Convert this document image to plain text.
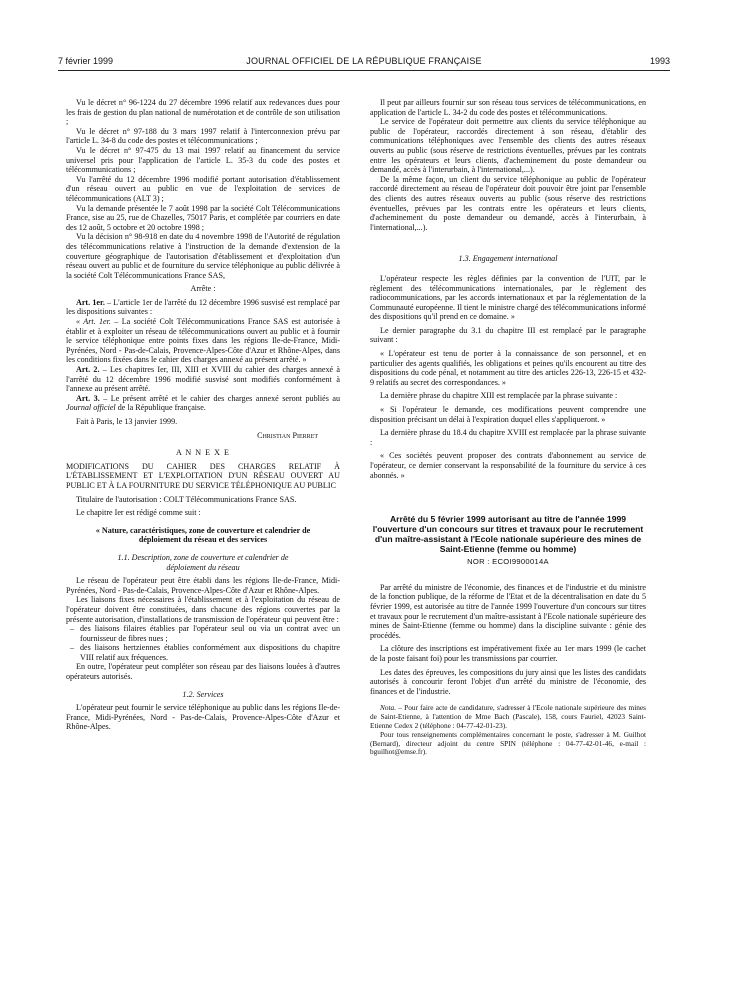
7 février 1999	JOURNAL OFFICIEL DE LA RÉPUBLIQUE FRANÇAISE	1993

Vu le décret n° 96-1224 du 27 décembre 1996 relatif aux redevances dues pour les frais de gestion du plan national de numérotation et de contrôle de son utilisation ;

Vu le décret n° 97-188 du 3 mars 1997 relatif à l'interconnexion prévu par l'article L. 34-8 du code des postes et télécommunications ;

Vu le décret n° 97-475 du 13 mai 1997 relatif au financement du service universel pris pour l'application de l'article L. 35-3 du code des postes et télécommunications ;

Vu l'arrêté du 12 décembre 1996 modifié portant autorisation d'établissement d'un réseau ouvert au public en vue de l'exploitation de services de télécommunications (ALT 3) ;

Vu la demande présentée le 7 août 1998 par la société Colt Télécommunications France, sise au 25, rue de Chazelles, 75017 Paris, et complétée par courriers en date des 12 août, 5 octobre et 20 octobre 1998 ;

Vu la décision n° 98-918 en date du 4 novembre 1998 de l'Autorité de régulation des télécommunications relative à l'instruction de la demande d'extension de la couverture géographique de l'autorisation d'établissement et d'exploitation d'un réseau ouvert au public et de fourniture du service téléphonique au public délivrée à la société Colt Télécommunications France SAS,

Arrête :

Art. 1er. – L'article 1er de l'arrêté du 12 décembre 1996 susvisé est remplacé par les dispositions suivantes :

« Art. 1er. – La société Colt Télécommunications France SAS est autorisée à établir et à exploiter un réseau de télécommunications ouvert au public et à fournir le service téléphonique entre points fixes dans les régions Ile-de-France, Midi-Pyrénées, Nord - Pas-de-Calais, Provence-Alpes-Côte d'Azur et Rhône-Alpes, dans les conditions fixées dans le cahier des charges annexé au présent arrêté. »

Art. 2. – Les chapitres Ier, III, XIII et XVIII du cahier des charges annexé à l'arrêté du 12 décembre 1996 modifié susvisé sont modifiés conformément à l'annexe au présent arrêté.

Art. 3. – Le présent arrêté et le cahier des charges annexé seront publiés au Journal officiel de la République française.

Fait à Paris, le 13 janvier 1999.

Christian Pierret

A N N E X E

MODIFICATIONS DU CAHIER DES CHARGES RELATIF À L'ÉTABLISSEMENT ET L'EXPLOITATION D'UN RÉSEAU OUVERT AU PUBLIC ET À LA FOURNITURE DU SERVICE TÉLÉPHONIQUE AU PUBLIC

Titulaire de l'autorisation : COLT Télécommunications France SAS.

Le chapitre Ier est rédigé comme suit :

« Nature, caractéristiques, zone de couverture et calendrier de déploiement du réseau et des services

1.1. Description, zone de couverture et calendrier de déploiement du réseau

Le réseau de l'opérateur peut être établi dans les régions Ile-de-France, Midi-Pyrénées, Nord - Pas-de-Calais, Provence-Alpes-Côte d'Azur et Rhône-Alpes.

Les liaisons fixes nécessaires à l'établissement et à l'exploitation du réseau de l'opérateur doivent être constituées, dans chacune des régions couvertes par la présente autorisation, d'installations de transmission de l'opérateur qui peuvent être :

– des liaisons filaires établies par l'opérateur seul ou via un contrat avec un fournisseur de fibres nues ;

– des liaisons hertziennes établies conformément aux dispositions du chapitre VIII relatif aux fréquences.

En outre, l'opérateur peut compléter son réseau par des liaisons louées à d'autres opérateurs autorisés.

1.2. Services

L'opérateur peut fournir le service téléphonique au public dans les régions Ile-de-France, Midi-Pyrénées, Nord - Pas-de-Calais, Provence-Alpes-Côte d'Azur et Rhône-Alpes.

Il peut par ailleurs fournir sur son réseau tous services de télécommunications, en application de l'article L. 34-2 du code des postes et télécommunications.

Le service de l'opérateur doit permettre aux clients du service téléphonique au public de l'opérateur, raccordés directement à son réseau, d'établir des communications téléphoniques avec l'ensemble des clients des autres réseaux ouverts au public (sous réserve de restrictions éventuelles, prévues par les contrats entre les opérateurs et leurs clients, d'acheminement du poste demandeur ou demandé, accès à l'interurbain, à l'international,...).

De la même façon, un client du service téléphonique au public de l'opérateur raccordé directement au réseau de l'opérateur doit pouvoir être joint par l'ensemble des clients des autres réseaux ouverts au public (sous réserve des restrictions éventuelles, prévues par les contrats entre les opérateurs et leurs clients, d'acheminement du poste demandeur ou demandé, accès à l'interurbain, à l'international,...).

1.3. Engagement international

L'opérateur respecte les règles définies par la convention de l'UIT, par le règlement des télécommunications internationales, par le règlement des radiocommunications, par les accords internationaux et par la réglementation de la Communauté européenne. Il tient le ministre chargé des télécommunications informé des dispositions qu'il prend en ce domaine. »

Le dernier paragraphe du 3.1 du chapitre III est remplacé par le paragraphe suivant :

« L'opérateur est tenu de porter à la connaissance de son personnel, et en particulier des agents qualifiés, les obligations et peines qu'ils encourent au titre des dispositions du code pénal, et notamment au titre des articles 226-13, 226-15 et 432-9 relatifs au secret des correspondances. »

La dernière phrase du chapitre XIII est remplacée par la phrase suivante :

« Si l'opérateur le demande, ces modifications peuvent comprendre une disposition précisant un délai à l'expiration duquel elles s'appliqueront. »

La dernière phrase du 18.4 du chapitre XVIII est remplacée par la phrase suivante :

« Ces sociétés peuvent proposer des contrats d'abonnement au service de l'opérateur, ce dernier conservant la responsabilité de la fourniture du service à ces abonnés. »

Arrêté du 5 février 1999 autorisant au titre de l'année 1999 l'ouverture d'un concours sur titres et travaux pour le recrutement d'un maître-assistant à l'Ecole nationale supérieure des mines de Saint-Etienne (femme ou homme)

NOR : ECOI9900014A

Par arrêté du ministre de l'économie, des finances et de l'industrie et du ministre de la fonction publique, de la réforme de l'Etat et de la décentralisation en date du 5 février 1999, est autorisée au titre de l'année 1999 l'ouverture d'un concours sur titres et travaux pour le recrutement d'un maître-assistant à l'Ecole nationale supérieure des mines de Saint-Etienne (femme ou homme) dans la discipline suivante : génie des procédés.

La clôture des inscriptions est impérativement fixée au 1er mars 1999 (le cachet de la poste faisant foi) pour les transmissions par courrier.

Les dates des épreuves, les compositions du jury ainsi que les listes des candidats autorisés à concourir feront l'objet d'un arrêté du ministre de l'économie, des finances et de l'industrie.

Nota. – Pour faire acte de candidature, s'adresser à l'Ecole nationale supérieure des mines de Saint-Etienne, à l'attention de Mme Bach (Pascale), 158, cours Fauriel, 42023 Saint-Etienne Cedex 2 (téléphone : 04-77-42-01-23).

Pour tous renseignements complémentaires concernant le poste, s'adresser à M. Guilhot (Bernard), directeur adjoint du centre SPIN (téléphone : 04-77-42-01-46, e-mail : bguilhot@emse.fr).
